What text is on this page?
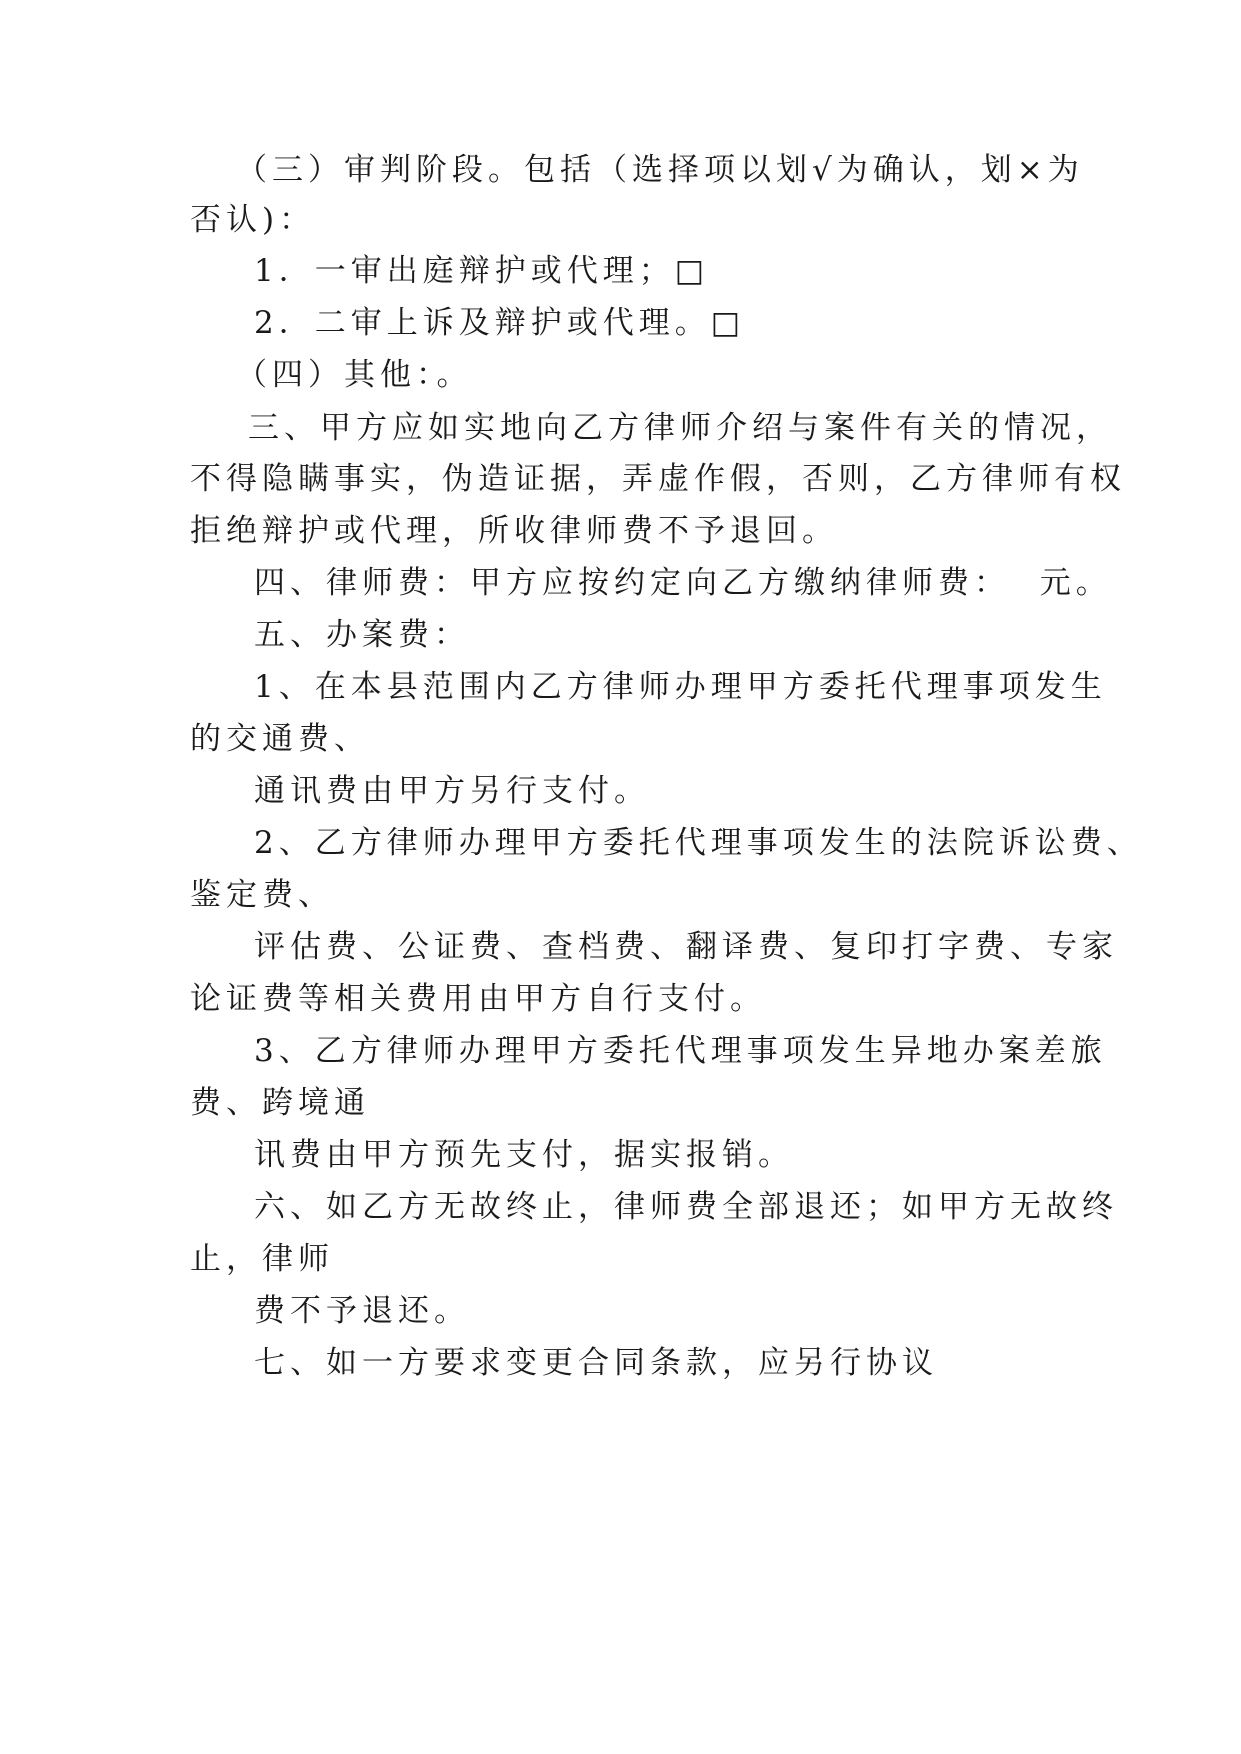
（三）审判阶段。包括（选择项以划√为确认，划×为
否认)：
1．一审出庭辩护或代理；□
2．二审上诉及辩护或代理。□
（四）其他：。
三、甲方应如实地向乙方律师介绍与案件有关的情况，
不得隐瞒事实，伪造证据，弄虚作假，否则，乙方律师有权
拒绝辩护或代理，所收律师费不予退回。
四、律师费：甲方应按约定向乙方缴纳律师费：  元。
五、办案费：
1、在本县范围内乙方律师办理甲方委托代理事项发生
的交通费、
通讯费由甲方另行支付。
2、乙方律师办理甲方委托代理事项发生的法院诉讼费、
鉴定费、
评估费、公证费、查档费、翻译费、复印打字费、专家
论证费等相关费用由甲方自行支付。
3、乙方律师办理甲方委托代理事项发生异地办案差旅
费、跨境通
讯费由甲方预先支付，据实报销。
六、如乙方无故终止，律师费全部退还；如甲方无故终
止，律师
费不予退还。
七、如一方要求变更合同条款，应另行协议
